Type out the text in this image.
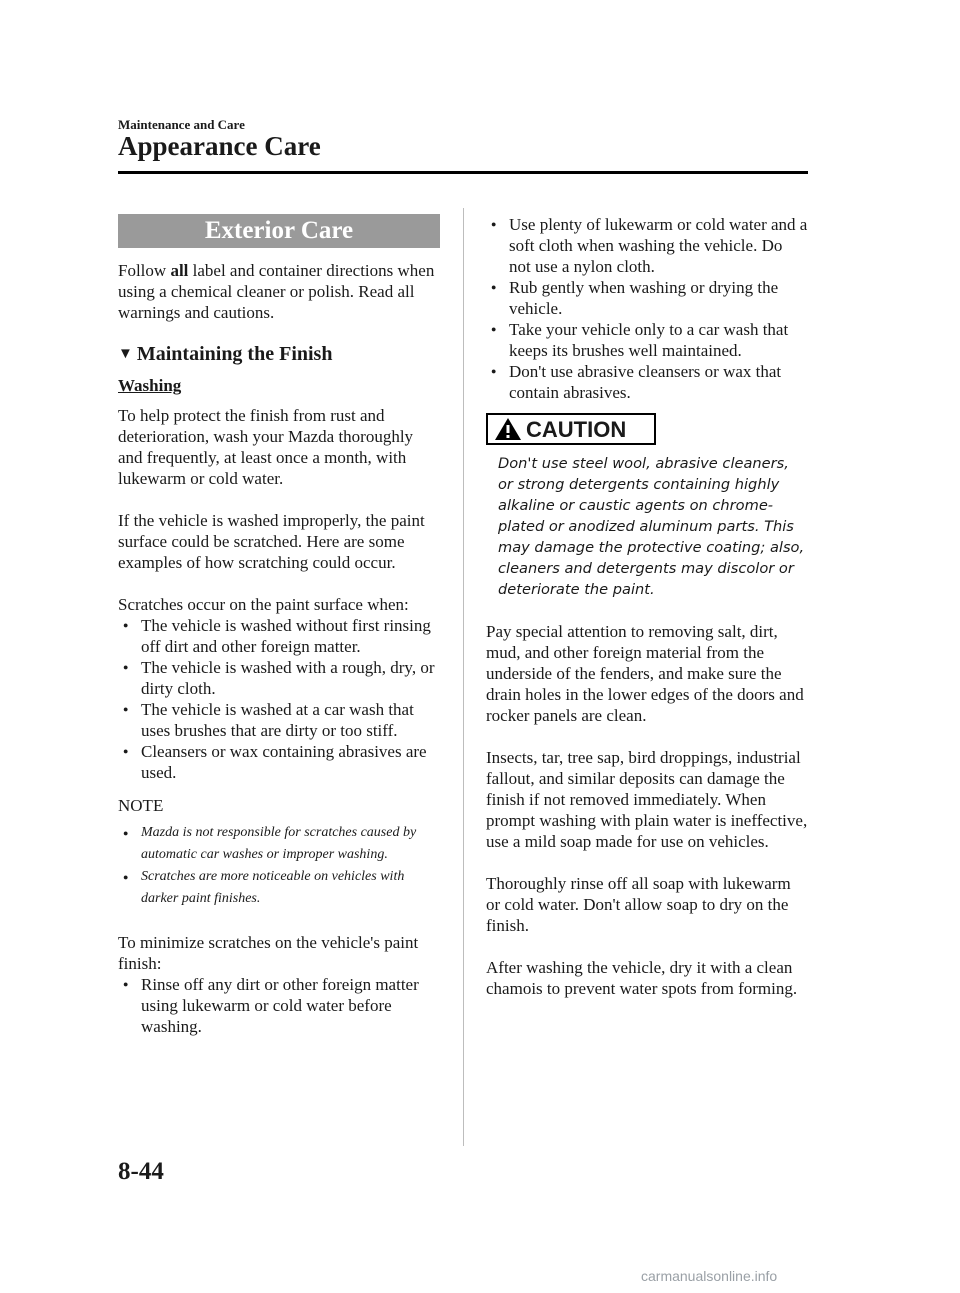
Maintenance and Care
Appearance Care
Exterior Care

Follow all label and container directions when using a chemical cleaner or polish. Read all warnings and cautions.

▼ Maintaining the Finish
Washing

To help protect the finish from rust and deterioration, wash your Mazda thoroughly and frequently, at least once a month, with lukewarm or cold water.

If the vehicle is washed improperly, the paint surface could be scratched. Here are some examples of how scratching could occur.

Scratches occur on the paint surface when:

● The vehicle is washed without first rinsing off dirt and other foreign matter.
● The vehicle is washed with a rough, dry, or dirty cloth.
● The vehicle is washed at a car wash that uses brushes that are dirty or too stiff.
● Cleansers or wax containing abrasives are used.
NOTE
● Mazda is not responsible for scratches caused by automatic car washes or improper washing.
● Scratches are more noticeable on vehicles with darker paint finishes.

To minimize scratches on the vehicle's paint finish:

● Rinse off any dirt or other foreign matter using lukewarm or cold water before washing.
● Use plenty of lukewarm or cold water and a soft cloth when washing the vehicle. Do not use a nylon cloth.
● Rub gently when washing or drying the vehicle.
● Take your vehicle only to a car wash that keeps its brushes well maintained.
● Don't use abrasive cleansers or wax that contain abrasives.
CAUTION

Don't use steel wool, abrasive cleaners, or strong detergents containing highly alkaline or caustic agents on chrome-plated or anodized aluminum parts. This may damage the protective coating; also, cleaners and detergents may discolor or deteriorate the paint.

Pay special attention to removing salt, dirt, mud, and other foreign material from the underside of the fenders, and make sure the drain holes in the lower edges of the doors and rocker panels are clean.

Insects, tar, tree sap, bird droppings, industrial fallout, and similar deposits can damage the finish if not removed immediately. When prompt washing with plain water is ineffective, use a mild soap made for use on vehicles.

Thoroughly rinse off all soap with lukewarm or cold water. Don't allow soap to dry on the finish.

After washing the vehicle, dry it with a clean chamois to prevent water spots from forming.

8-44
carmanualsonline.info
